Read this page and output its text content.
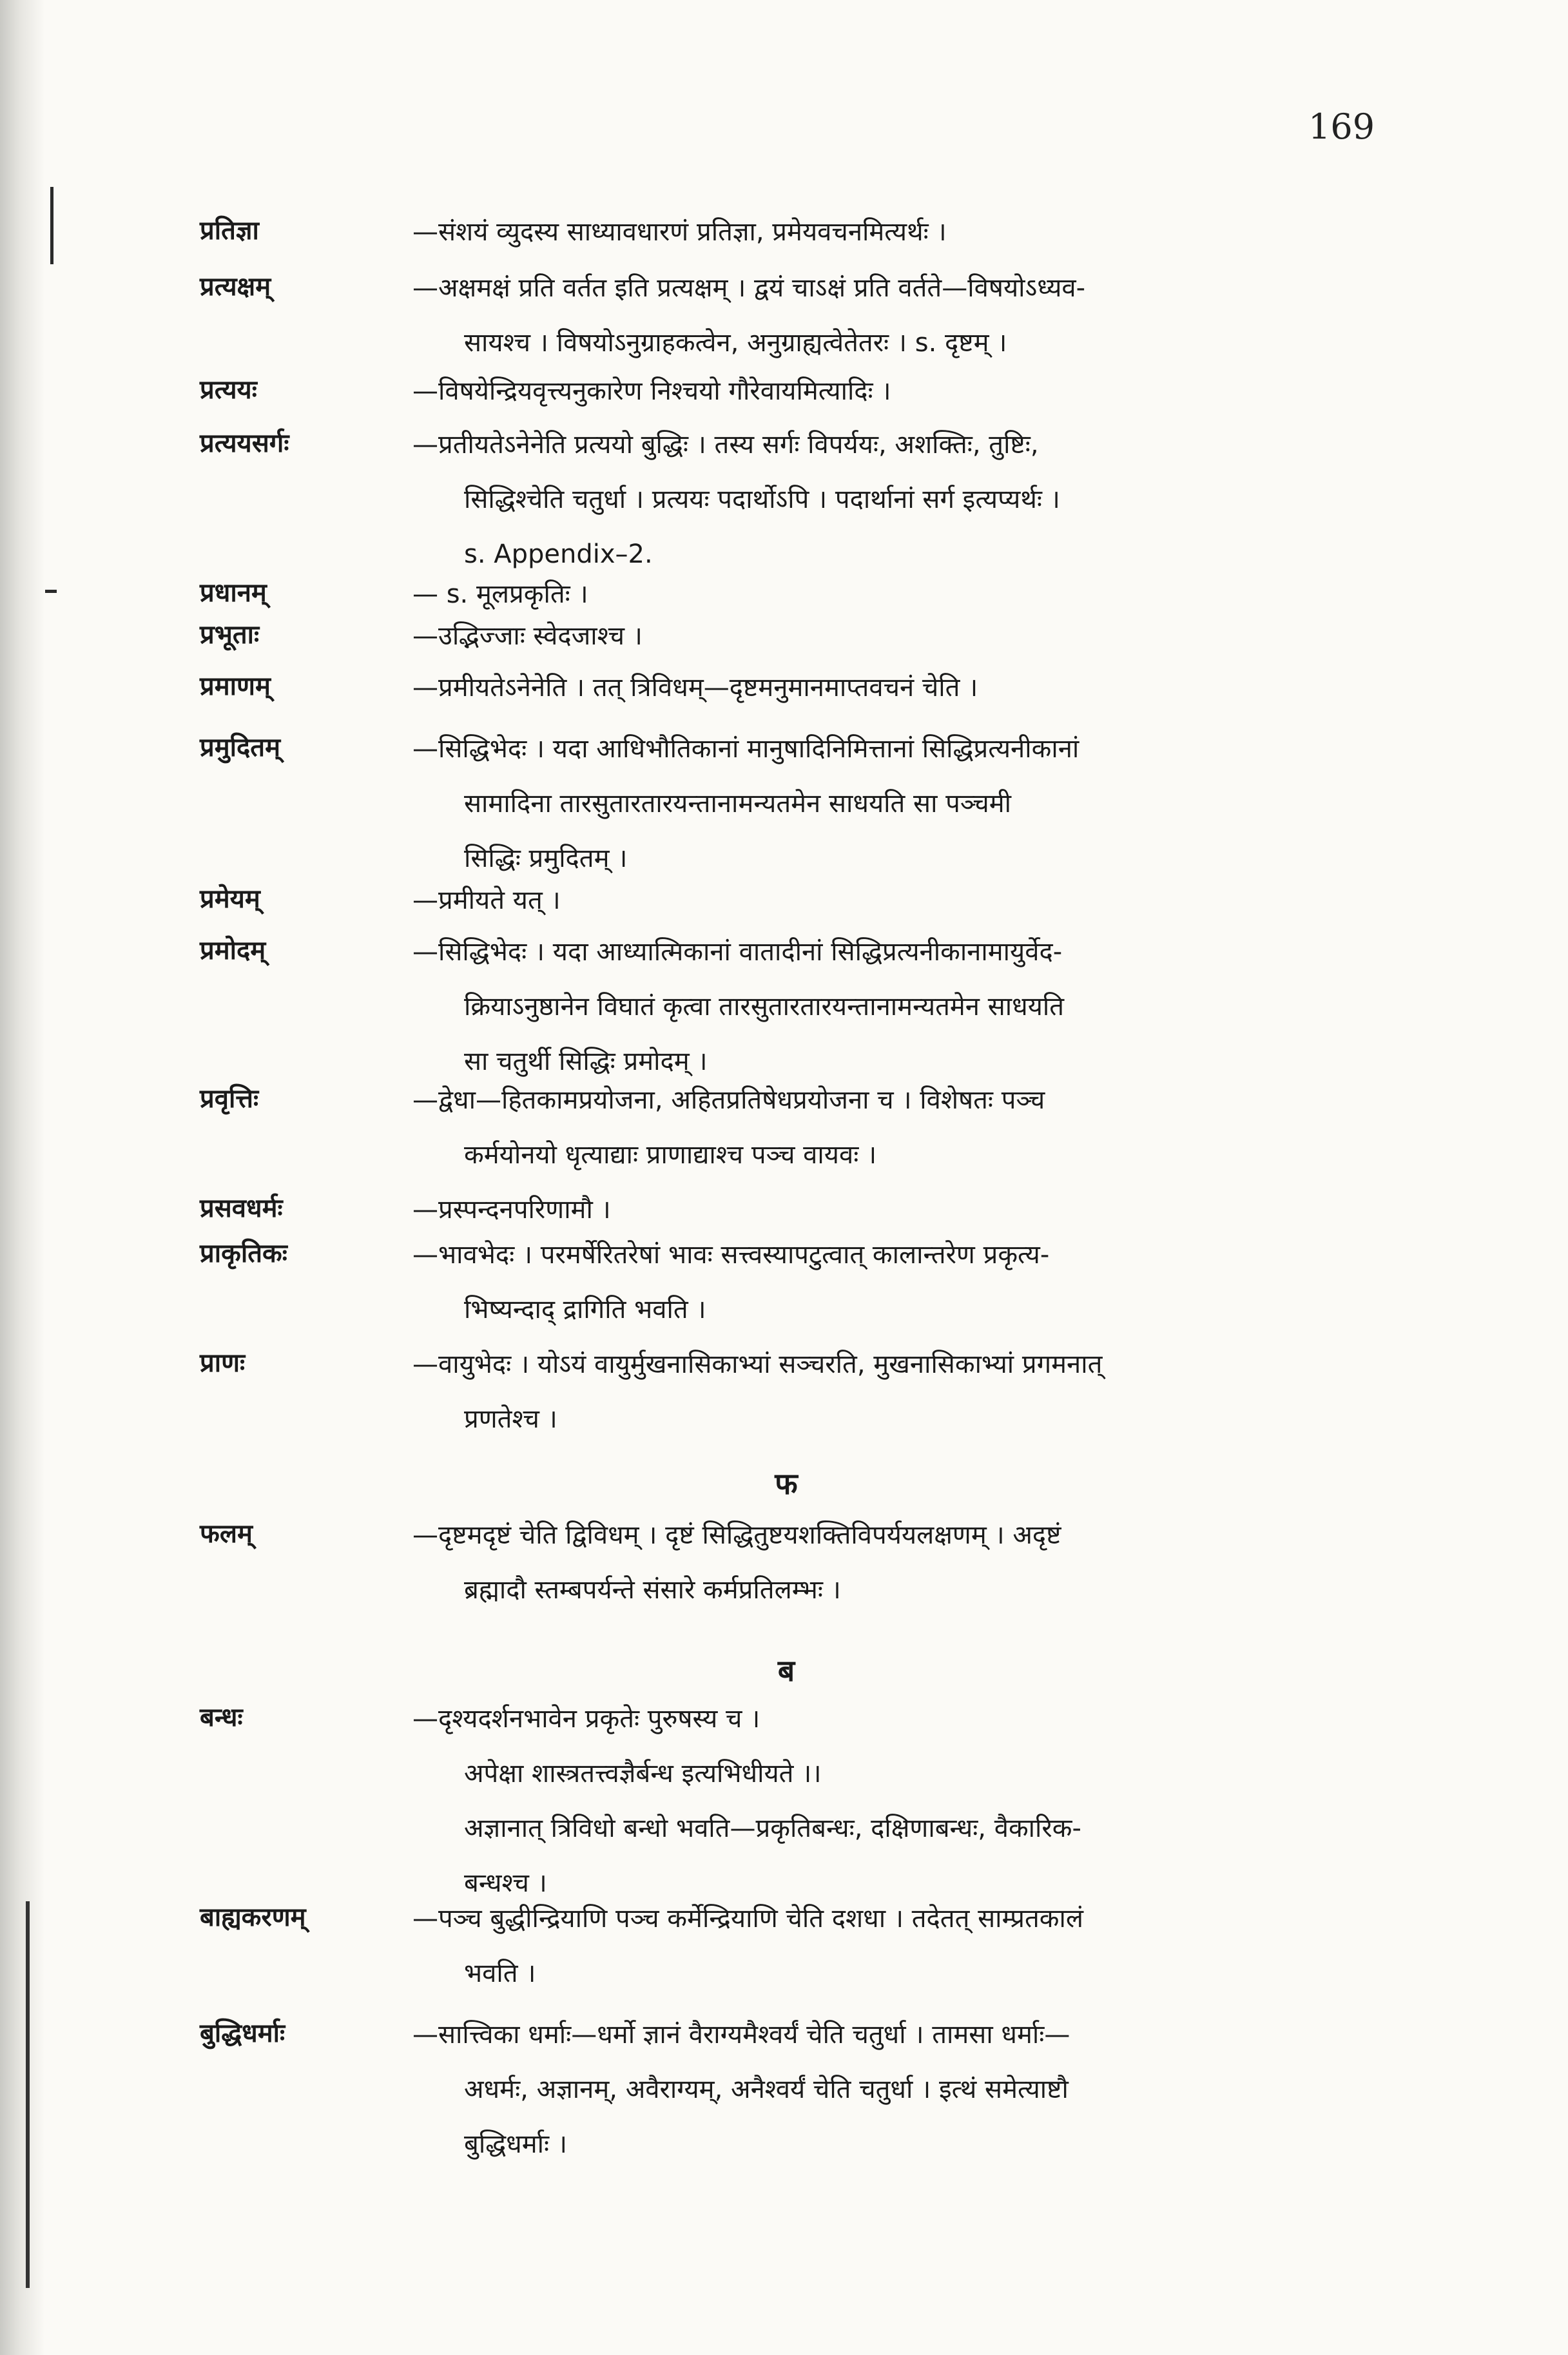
169
प्रतिज्ञा	—संशयं व्युदस्य साध्यावधारणं प्रतिज्ञा, प्रमेयवचनमित्यर्थः ।
प्रत्यक्षम्	—अक्षमक्षं प्रति वर्तत इति प्रत्यक्षम् । द्वयं चाऽक्षं प्रति वर्तते—विषयोऽध्यव-
सायश्च । विषयोऽनुग्राहकत्वेन, अनुग्राह्यत्वेतेतरः । s. दृष्टम् ।
प्रत्ययः	—विषयेन्द्रियवृत्त्यनुकारेण निश्चयो गौरेवायमित्यादिः ।
प्रत्ययसर्गः	—प्रतीयतेऽनेनेति प्रत्ययो बुद्धिः । तस्य सर्गः विपर्ययः, अशक्तिः, तुष्टिः,
सिद्धिश्चेति चतुर्धा । प्रत्ययः पदार्थोऽपि । पदार्थानां सर्ग इत्यप्यर्थः ।
s. Appendix–2.
प्रधानम्	— s. मूलप्रकृतिः ।
प्रभूताः	—उद्भिज्जाः स्वेदजाश्च ।
प्रमाणम्	—प्रमीयतेऽनेनेति । तत् त्रिविधम्—दृष्टमनुमानमाप्तवचनं चेति ।
प्रमुदितम्	—सिद्धिभेदः । यदा आधिभौतिकानां मानुषादिनिमित्तानां सिद्धिप्रत्यनीकानां
सामादिना तारसुतारतारयन्तानामन्यतमेन साधयति सा पञ्चमी
सिद्धिः प्रमुदितम् ।
प्रमेयम्	—प्रमीयते यत् ।
प्रमोदम्	—सिद्धिभेदः । यदा आध्यात्मिकानां वातादीनां सिद्धिप्रत्यनीकानामायुर्वेद-
क्रियाऽनुष्ठानेन विघातं कृत्वा तारसुतारतारयन्तानामन्यतमेन साधयति
सा चतुर्थी सिद्धिः प्रमोदम् ।
प्रवृत्तिः	—द्वेधा—हितकामप्रयोजना, अहितप्रतिषेधप्रयोजना च । विशेषतः पञ्च
कर्मयोनयो धृत्याद्याः प्राणाद्याश्च पञ्च वायवः ।
प्रसवधर्मः	—प्रस्पन्दनपरिणामौ ।
प्राकृतिकः	—भावभेदः । परमर्षेरितरेषां भावः सत्त्वस्यापटुत्वात् कालान्तरेण प्रकृत्य-
भिष्यन्दाद् द्रागिति भवति ।
प्राणः	—वायुभेदः । योऽयं वायुर्मुखनासिकाभ्यां सञ्चरति, मुखनासिकाभ्यां प्रगमनात्
प्रणतेश्च ।
फलम्	—दृष्टमदृष्टं चेति द्विविधम् । दृष्टं सिद्धितुष्टयशक्तिविपर्ययलक्षणम् । अदृष्टं
ब्रह्मादौ स्तम्बपर्यन्ते संसारे कर्मप्रतिलम्भः ।
बन्धः	—दृश्यदर्शनभावेन प्रकृतेः पुरुषस्य च ।
अपेक्षा शास्त्रतत्त्वज्ञैर्बन्ध इत्यभिधीयते ।।
अज्ञानात् त्रिविधो बन्धो भवति—प्रकृतिबन्धः, दक्षिणाबन्धः, वैकारिक-
बन्धश्च ।
बाह्यकरणम्	—पञ्च बुद्धीन्द्रियाणि पञ्च कर्मेन्द्रियाणि चेति दशधा । तदेतत् साम्प्रतकालं
भवति ।
बुद्धिधर्माः	—सात्त्विका धर्माः—धर्मो ज्ञानं वैराग्यमैश्वर्यं चेति चतुर्धा । तामसा धर्माः—
अधर्मः, अज्ञानम्, अवैराग्यम्, अनैश्वर्यं चेति चतुर्धा । इत्थं समेत्याष्टौ
बुद्धिधर्माः ।
फ
ब
